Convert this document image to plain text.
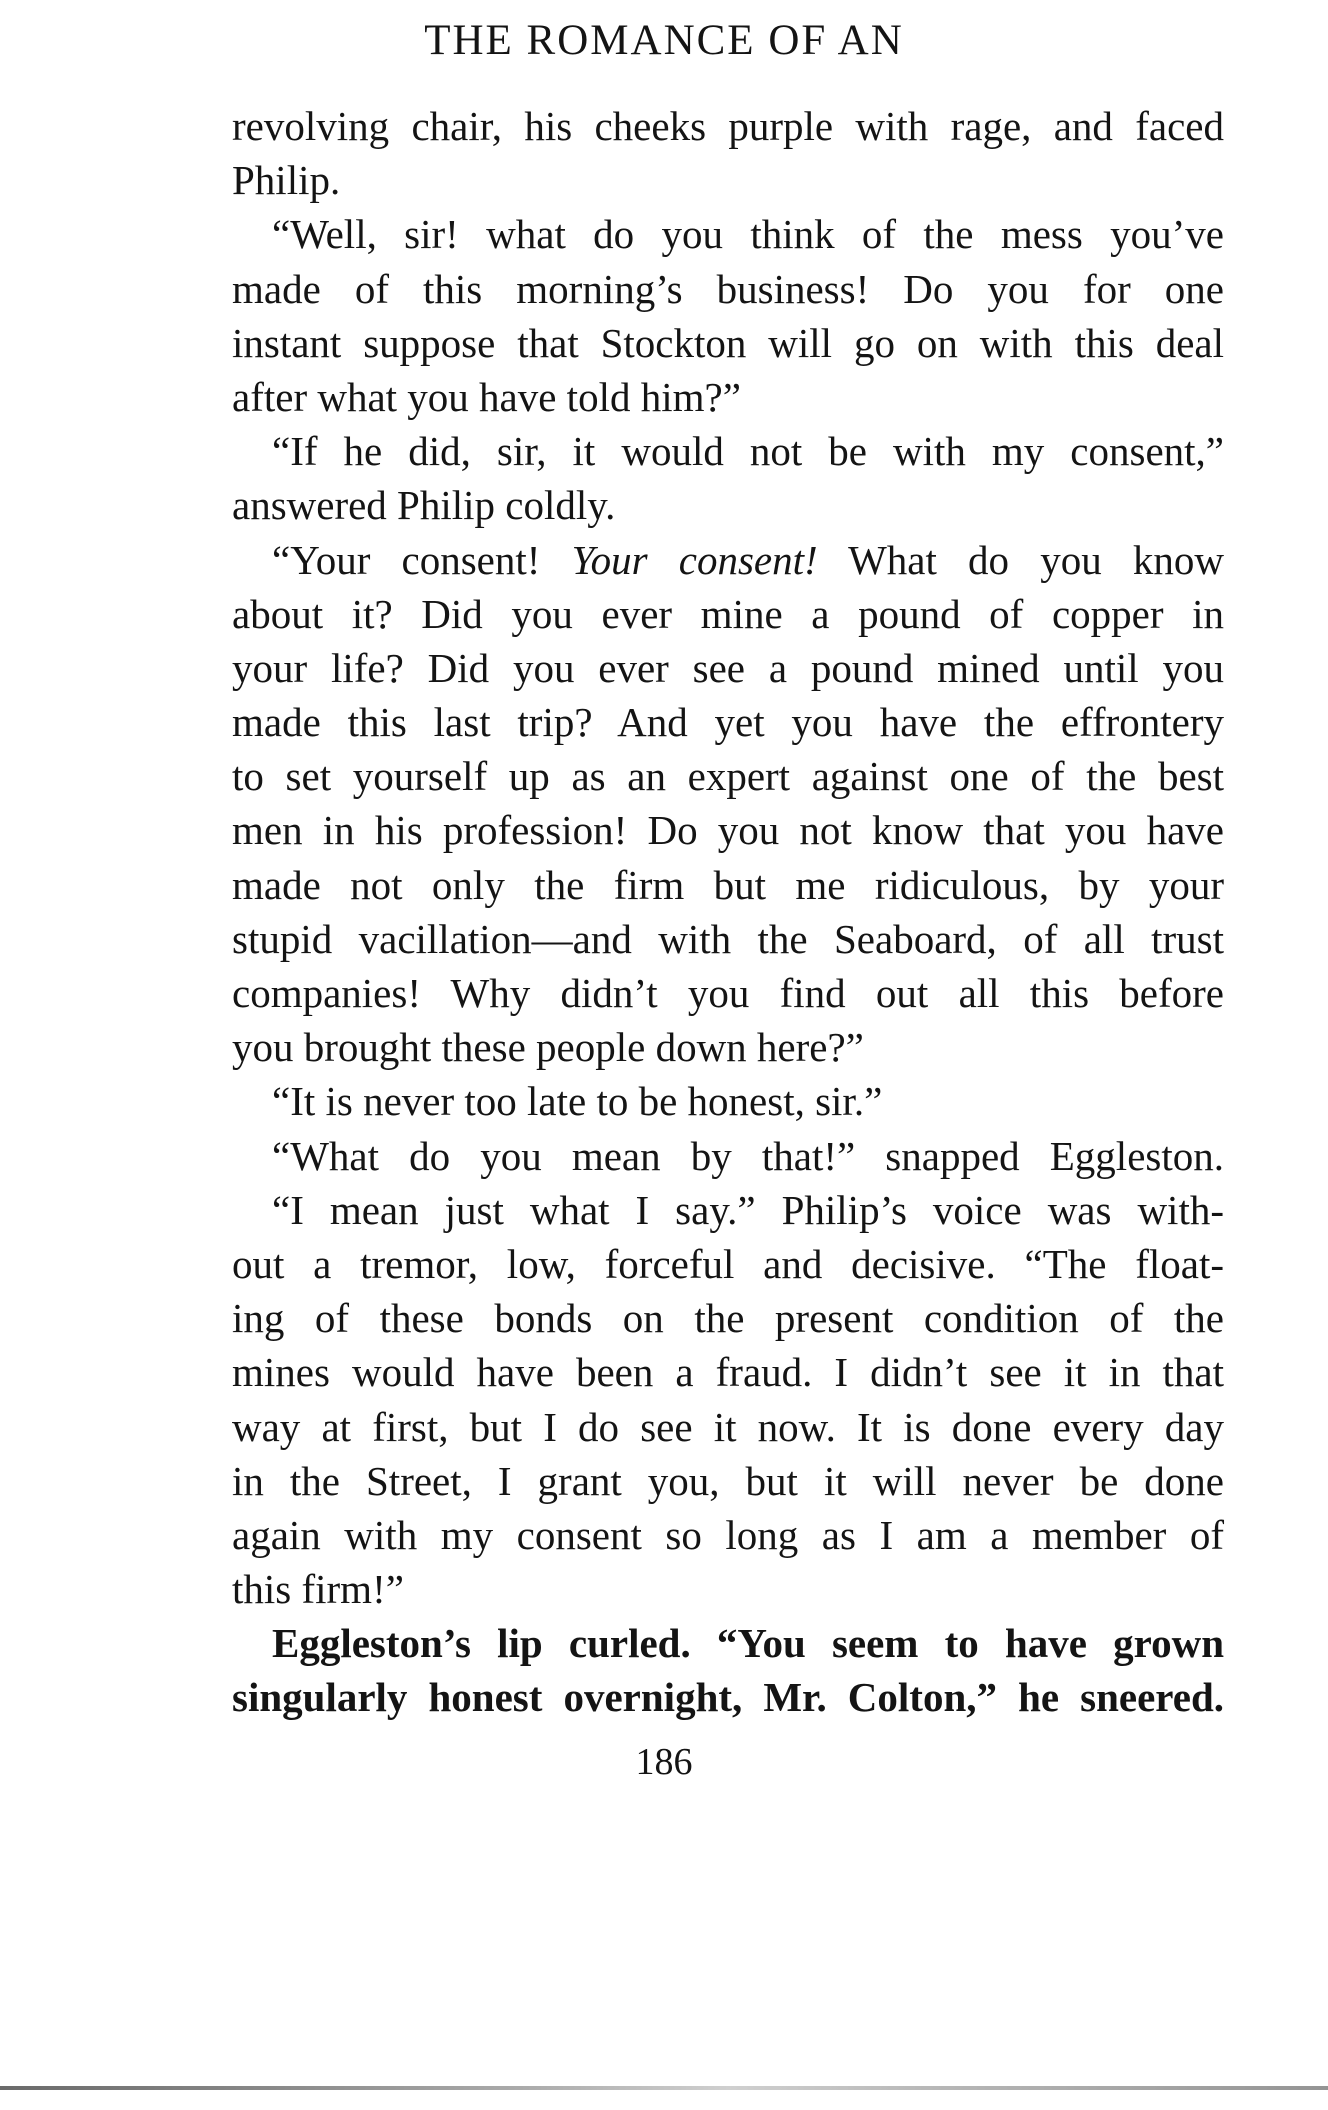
THE ROMANCE OF AN
revolving chair, his cheeks purple with rage, and faced
Philip.
“Well, sir! what do you think of the mess you’ve
made of this morning’s business! Do you for one
instant suppose that Stockton will go on with this deal
after what you have told him?”
“If he did, sir, it would not be with my consent,”
answered Philip coldly.
“Your consent! Your consent! What do you know
about it? Did you ever mine a pound of copper in
your life? Did you ever see a pound mined until you
made this last trip? And yet you have the effrontery
to set yourself up as an expert against one of the best
men in his profession! Do you not know that you have
made not only the firm but me ridiculous, by your
stupid vacillation—and with the Seaboard, of all trust
companies! Why didn’t you find out all this before
you brought these people down here?”
“It is never too late to be honest, sir.”
“What do you mean by that!” snapped Eggleston.
“I mean just what I say.” Philip’s voice was with-
out a tremor, low, forceful and decisive. “The float-
ing of these bonds on the present condition of the
mines would have been a fraud. I didn’t see it in that
way at first, but I do see it now. It is done every day
in the Street, I grant you, but it will never be done
again with my consent so long as I am a member of
this firm!”
Eggleston’s lip curled. “You seem to have grown
singularly honest overnight, Mr. Colton,” he sneered.
186
